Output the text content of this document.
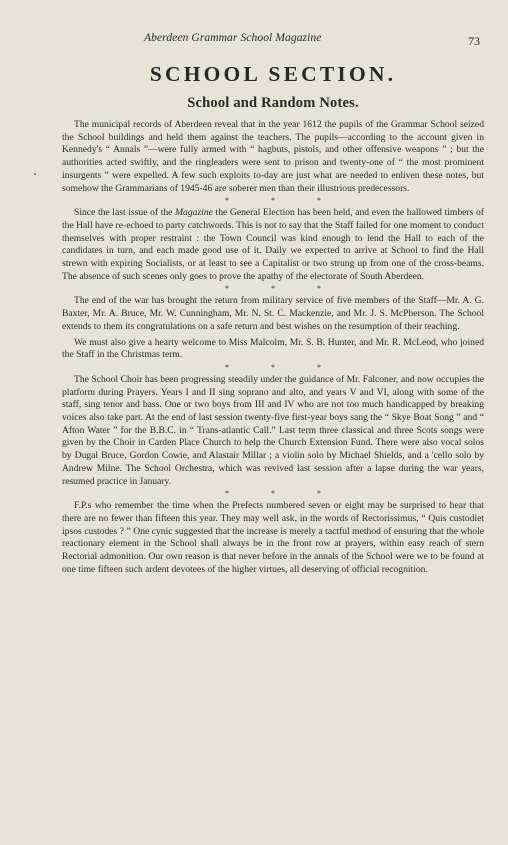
Aberdeen Grammar School Magazine	73
SCHOOL SECTION.
School and Random Notes.

The municipal records of Aberdeen reveal that in the year 1612 the pupils of the Grammar School seized the School buildings and held them against the teachers. The pupils—according to the account given in Kennedy's “ Annals ”—were fully armed with “ hagbuts, pistols, and other offensive weapons ” ; but the authorities acted swiftly, and the ringleaders were sent to prison and twenty-one of “ the most prominent insurgents ” were expelled. A few such exploits to-day are just what are needed to enliven these notes, but somehow the Grammarians of 1945-46 are soberer men than their illustrious predecessors.

* * *

Since the last issue of the Magazine the General Election has been held, and even the hallowed timbers of the Hall have re-echoed to party catchwords. This is not to say that the Staff failed for one moment to conduct themselves with proper restraint : the Town Council was kind enough to lend the Hall to each of the candidates in turn, and each made good use of it. Daily we expected to arrive at School to find the Hall strewn with expiring Socialists, or at least to see a Capitalist or two strung up from one of the cross-beams. The absence of such scenes only goes to prove the apathy of the electorate of South Aberdeen.

* * *

The end of the war has brought the return from military service of five members of the Staff—Mr. A. G. Baxter, Mr. A. Bruce, Mr. W. Cunningham, Mr. N. St. C. Mackenzie, and Mr. J. S. McPherson. The School extends to them its congratulations on a safe return and best wishes on the resumption of their teaching.

We must also give a hearty welcome to Miss Malcolm, Mr. S. B. Hunter, and Mr. R. McLeod, who joined the Staff in the Christmas term.

* * *

The School Choir has been progressing steadily under the guidance of Mr. Falconer, and now occupies the platform during Prayers. Years I and II sing soprano and alto, and years V and VI, along with some of the staff, sing tenor and bass. One or two boys from III and IV who are not too much handicapped by breaking voices also take part. At the end of last session twenty-five first-year boys sang the “ Skye Boat Song ” and “ Afton Water ” for the B.B.C. in “ Trans-atlantic Call.” Last term three classical and three Scots songs were given by the Choir in Carden Place Church to help the Church Extension Fund. There were also vocal solos by Dugal Bruce, Gordon Cowie, and Alastair Millar ; a violin solo by Michael Shields, and a 'cello solo by Andrew Milne. The School Orchestra, which was revived last session after a lapse during the war years, resumed practice in January.

* * *

F.P.s who remember the time when the Prefects numbered seven or eight may be surprised to hear that there are no fewer than fifteen this year. They may well ask, in the words of Rectorissimus, “ Quis custodiet ipsos custodes ? ” One cynic suggested that the increase is merely a tactful method of ensuring that the whole reactionary element in the School shall always be in the front row at prayers, within easy reach of stern Rectorial admonition. Our own reason is that never before in the annals of the School were we to be found at one time fifteen such ardent devotees of the higher virtues, all deserving of official recognition.
